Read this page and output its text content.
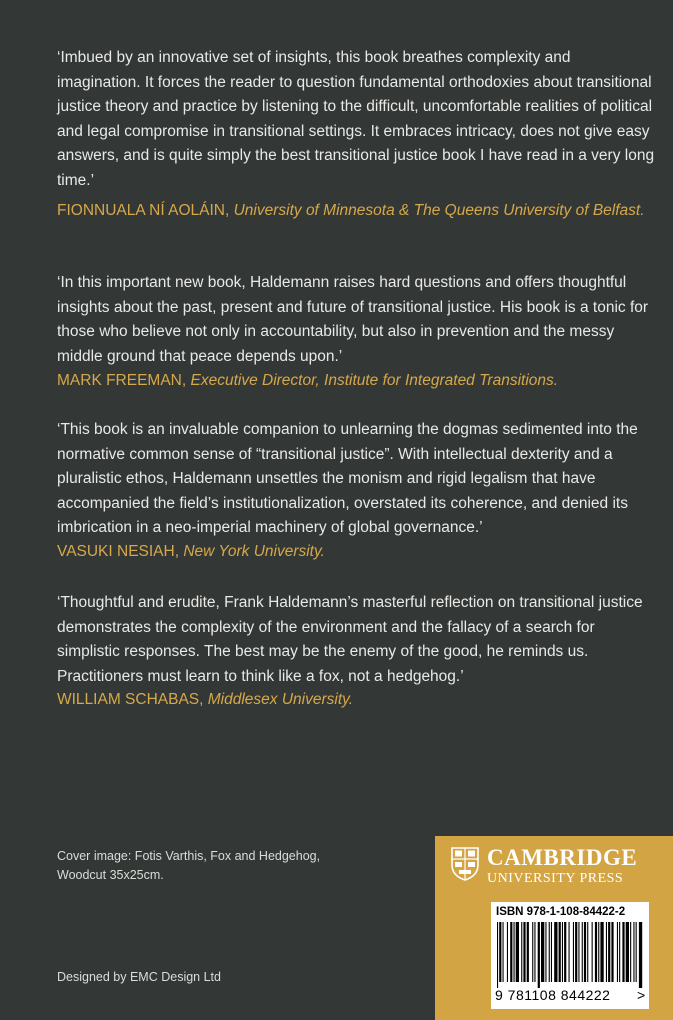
‘Imbued by an innovative set of insights, this book breathes complexity and imagination. It forces the reader to question fundamental orthodoxies about transitional justice theory and practice by listening to the difficult, uncomfortable realities of political and legal compromise in transitional settings. It embraces intricacy, does not give easy answers, and is quite simply the best transitional justice book I have read in a very long time.’

FIONNUALA NÍ AOLÁIN, University of Minnesota & The Queens University of Belfast.

‘In this important new book, Haldemann raises hard questions and offers thoughtful insights about the past, present and future of transitional justice. His book is a tonic for those who believe not only in accountability, but also in prevention and the messy middle ground that peace depends upon.’

MARK FREEMAN, Executive Director, Institute for Integrated Transitions.

‘This book is an invaluable companion to unlearning the dogmas sedimented into the normative common sense of “transitional justice”. With intellectual dexterity and a pluralistic ethos, Haldemann unsettles the monism and rigid legalism that have accompanied the field’s institutionalization, overstated its coherence, and denied its imbrication in a neo-imperial machinery of global governance.’

VASUKI NESIAH, New York University.

‘Thoughtful and erudite, Frank Haldemann’s masterful reflection on transitional justice demonstrates the complexity of the environment and the fallacy of a search for simplistic responses. The best may be the enemy of the good, he reminds us. Practitioners must learn to think like a fox, not a hedgehog.’

WILLIAM SCHABAS, Middlesex University.

Cover image: Fotis Varthis, Fox and Hedgehog,
Woodcut 35x25cm.

Designed by EMC Design Ltd

CAMBRIDGE
UNIVERSITY PRESS
ISBN 978-1-108-84422-2
9 781108 844222 >
